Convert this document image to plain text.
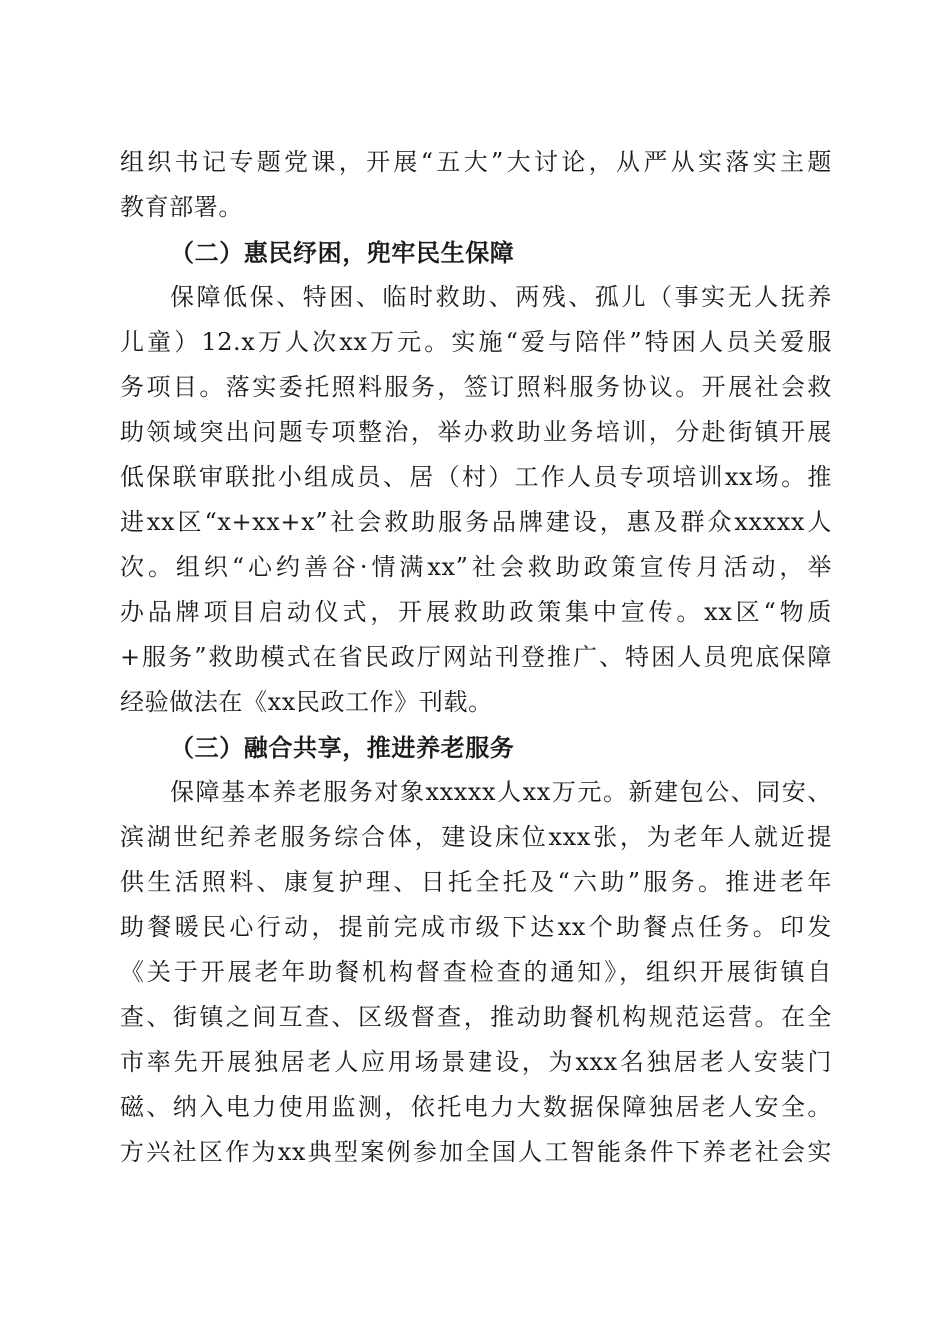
组织书记专题党课，开展“五大”大讨论，从严从实落实主题
教育部署。
（二）惠民纾困，兜牢民生保障
保障低保、特困、临时救助、两残、孤儿（事实无人抚养
儿童）12.x万人次xx万元。实施“爱与陪伴”特困人员关爱服
务项目。落实委托照料服务，签订照料服务协议。开展社会救
助领域突出问题专项整治，举办救助业务培训，分赴街镇开展
低保联审联批小组成员、居（村）工作人员专项培训xx场。推
进xx区“x+xx+x”社会救助服务品牌建设，惠及群众xxxxx人
次。组织“心约善谷·情满xx”社会救助政策宣传月活动，举
办品牌项目启动仪式，开展救助政策集中宣传。xx区“物质
+服务”救助模式在省民政厅网站刊登推广、特困人员兜底保障
经验做法在《xx民政工作》刊载。
（三）融合共享，推进养老服务
保障基本养老服务对象xxxxx人xx万元。新建包公、同安、
滨湖世纪养老服务综合体，建设床位xxx张，为老年人就近提
供生活照料、康复护理、日托全托及“六助”服务。推进老年
助餐暖民心行动，提前完成市级下达xx个助餐点任务。印发
《关于开展老年助餐机构督查检查的通知》，组织开展街镇自
查、街镇之间互查、区级督查，推动助餐机构规范运营。在全
市率先开展独居老人应用场景建设，为xxx名独居老人安装门
磁、纳入电力使用监测，依托电力大数据保障独居老人安全。
方兴社区作为xx典型案例参加全国人工智能条件下养老社会实
